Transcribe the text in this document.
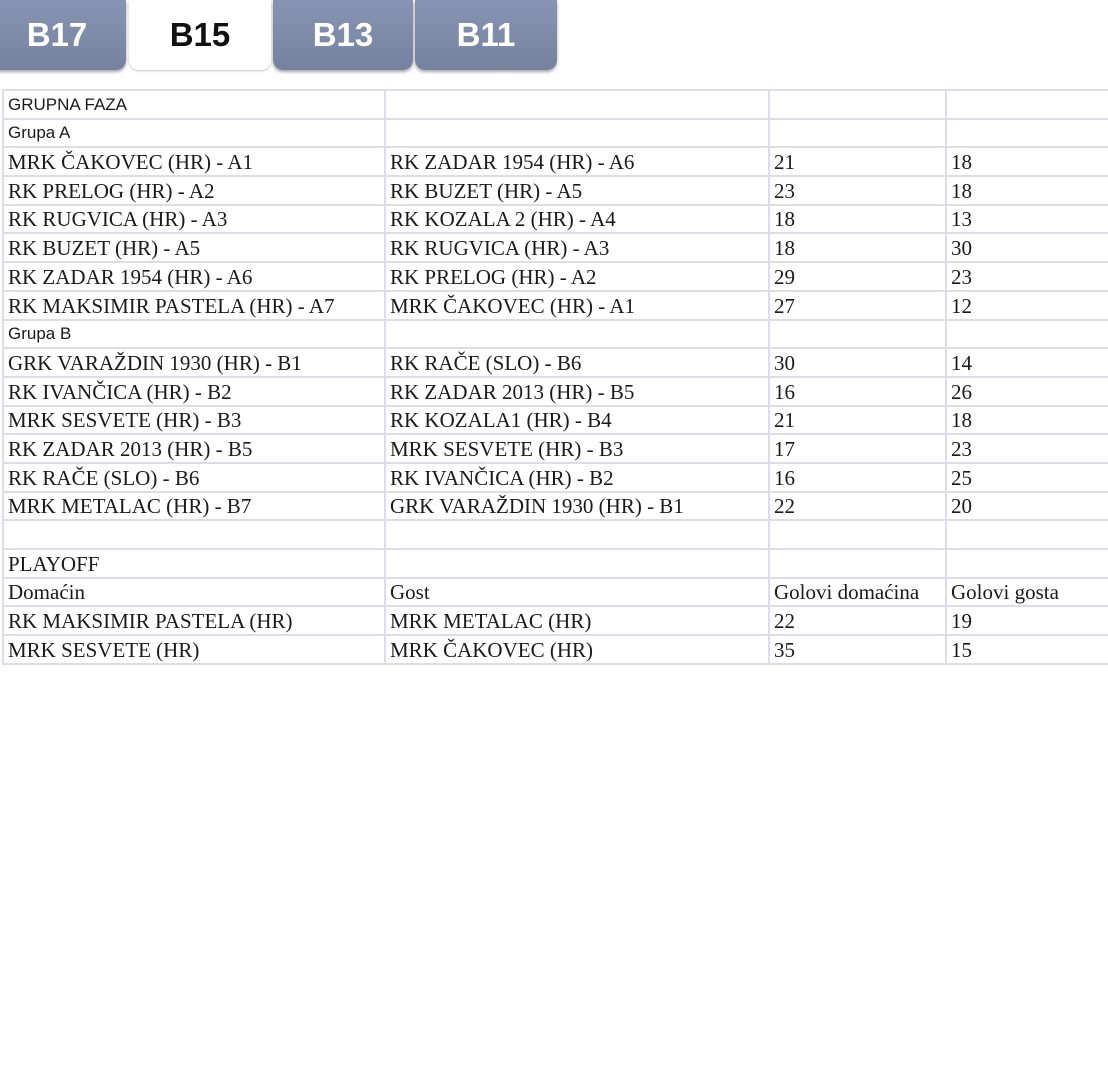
B17	B15	B13	B11
GRUPNA FAZA			
Grupa A			
MRK ČAKOVEC (HR) - A1	RK ZADAR 1954 (HR) - A6	21	18
RK PRELOG (HR) - A2	RK BUZET (HR) - A5	23	18
RK RUGVICA (HR) - A3	RK KOZALA 2 (HR) - A4	18	13
RK BUZET (HR) - A5	RK RUGVICA (HR) - A3	18	30
RK ZADAR 1954 (HR) - A6	RK PRELOG (HR) - A2	29	23
RK MAKSIMIR PASTELA (HR) - A7	MRK ČAKOVEC (HR) - A1	27	12
Grupa B			
GRK VARAŽDIN 1930 (HR) - B1	RK RAČE (SLO) - B6	30	14
RK IVANČICA (HR) - B2	RK ZADAR 2013 (HR) - B5	16	26
MRK SESVETE (HR) - B3	RK KOZALA1 (HR) - B4	21	18
RK ZADAR 2013 (HR) - B5	MRK SESVETE (HR) - B3	17	23
RK RAČE (SLO) - B6	RK IVANČICA (HR) - B2	16	25
MRK METALAC (HR) - B7	GRK VARAŽDIN 1930 (HR) - B1	22	20

PLAYOFF			
Domaćin	Gost	Golovi domaćina	Golovi gosta
RK MAKSIMIR PASTELA (HR)	MRK METALAC (HR)	22	19
MRK SESVETE (HR)	MRK ČAKOVEC (HR)	35	15
